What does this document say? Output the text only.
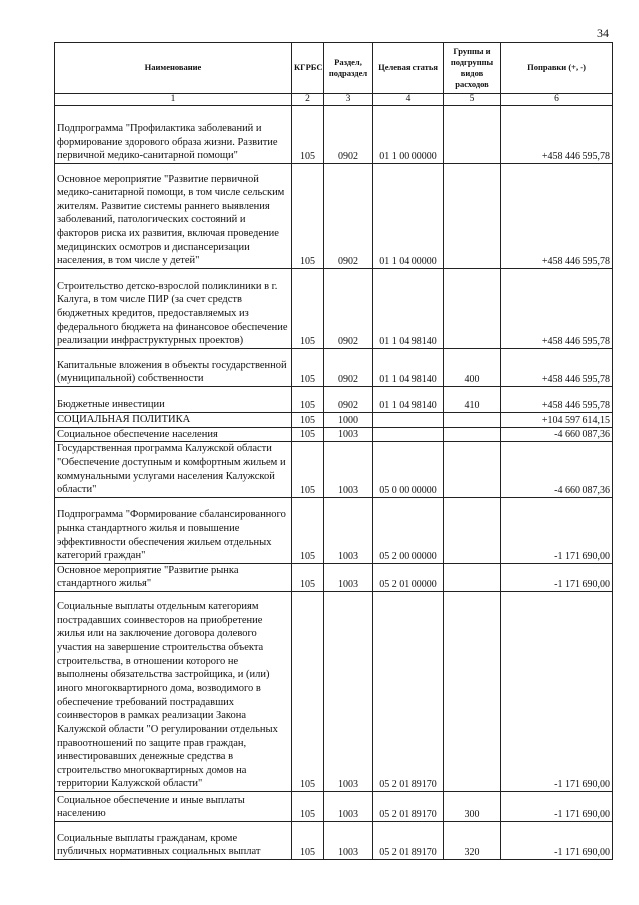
34
Наименование	КГРБС	Раздел, подраздел	Целевая статья	Группы и подгруппы видов расходов	Поправки (+, -)
1	2	3	4	5	6
Подпрограмма "Профилактика заболеваний и формирование здорового образа жизни. Развитие первичной медико-санитарной помощи"	105	0902	01 1 00 00000		+458 446 595,78
Основное мероприятие "Развитие первичной медико-санитарной помощи, в том числе сельским жителям. Развитие системы раннего выявления заболеваний, патологических состояний и факторов риска их развития, включая проведение медицинских осмотров и диспансеризации населения, в том числе у детей"	105	0902	01 1 04 00000		+458 446 595,78
Строительство детско-взрослой поликлиники в г. Калуга, в том числе ПИР (за счет средств бюджетных кредитов, предоставляемых из федерального бюджета на финансовое обеспечение реализации инфраструктурных проектов)	105	0902	01 1 04 98140		+458 446 595,78
Капитальные вложения в объекты государственной (муниципальной) собственности	105	0902	01 1 04 98140	400	+458 446 595,78
Бюджетные инвестиции	105	0902	01 1 04 98140	410	+458 446 595,78
СОЦИАЛЬНАЯ ПОЛИТИКА	105	1000			+104 597 614,15
Социальное обеспечение населения	105	1003			-4 660 087,36
Государственная программа Калужской области "Обеспечение доступным и комфортным жильем и коммунальными услугами населения Калужской области"	105	1003	05 0 00 00000		-4 660 087,36
Подпрограмма "Формирование сбалансированного рынка стандартного жилья и повышение эффективности обеспечения жильем отдельных категорий граждан"	105	1003	05 2 00 00000		-1 171 690,00
Основное мероприятие "Развитие рынка стандартного жилья"	105	1003	05 2 01 00000		-1 171 690,00
Социальные выплаты отдельным категориям пострадавших соинвесторов на приобретение жилья или на заключение договора долевого участия на завершение строительства объекта строительства, в отношении которого не выполнены обязательства застройщика, и (или) иного многоквартирного дома, возводимого в обеспечение требований пострадавших соинвесторов в рамках реализации Закона Калужской области "О регулировании отдельных правоотношений по защите прав граждан, инвестировавших денежные средства в строительство многоквартирных домов на территории Калужской области"	105	1003	05 2 01 89170		-1 171 690,00
Социальное обеспечение и иные выплаты населению	105	1003	05 2 01 89170	300	-1 171 690,00
Социальные выплаты гражданам, кроме публичных нормативных социальных выплат	105	1003	05 2 01 89170	320	-1 171 690,00
